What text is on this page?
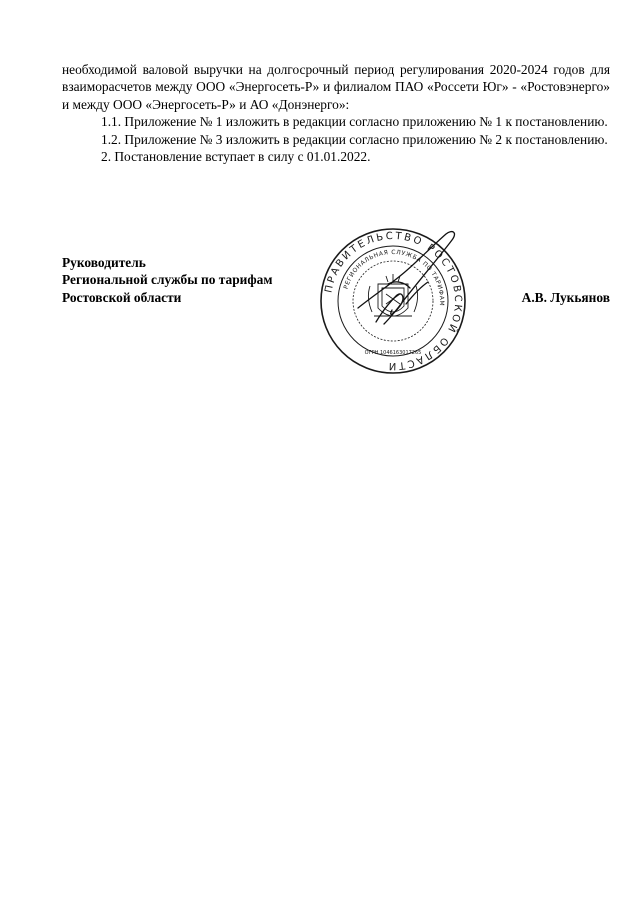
необходимой валовой выручки на долгосрочный период регулирования 2020-2024 годов для взаиморасчетов между ООО «Энергосеть-Р» и филиалом ПАО «Россети Юг» - «Ростовэнерго» и между ООО «Энергосеть-Р» и АО «Донэнерго»:

1.1. Приложение № 1 изложить в редакции согласно приложению № 1 к постановлению.

1.2. Приложение № 3 изложить в редакции согласно приложению № 2 к постановлению.

2. Постановление вступает в силу с 01.01.2022.

Руководитель
Региональной службы по тарифам
Ростовской области	А.В. Лукьянов
ПРАВИТЕЛЬСТВО РОСТОВСКОЙ ОБЛАСТИ
РЕГИОНАЛЬНАЯ СЛУЖБА ПО ТАРИФАМ
ОГРН 1046163017265
